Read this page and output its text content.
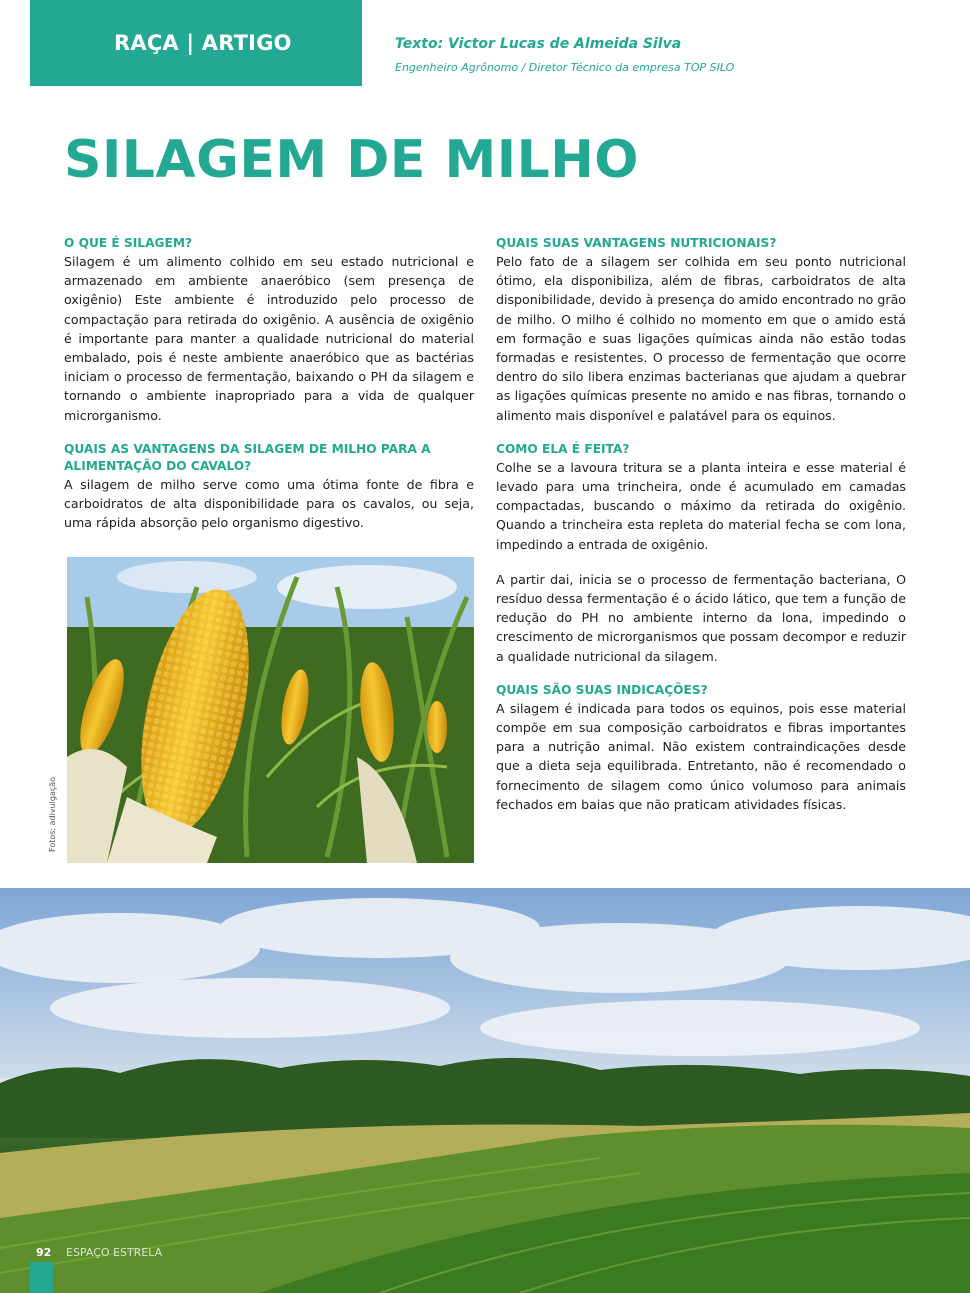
RAÇA | ARTIGO	Texto: Victor Lucas de Almeida Silva
Engenheiro Agrônomo / Diretor Técnico da empresa TOP SILO
SILAGEM DE MILHO
O QUE É SILAGEM?

Silagem é um alimento colhido em seu estado nutricional e armazenado em ambiente anaeróbico (sem presença de oxigênio) Este ambiente é introduzido pelo processo de compactação para retirada do oxigênio. A ausência de oxigênio é importante para manter a qualidade nutricional do material embalado, pois é neste ambiente anaeróbico que as bactérias iniciam o processo de fermentação, baixando o PH da silagem e tornando o ambiente inapropriado para a vida de qualquer microrganismo.

QUAIS AS VANTAGENS DA SILAGEM DE MILHO PARA A ALIMENTAÇÃO DO CAVALO?

A silagem de milho serve como uma ótima fonte de fibra e carboidratos de alta disponibilidade para os cavalos, ou seja, uma rápida absorção pelo organismo digestivo.

QUAIS SUAS VANTAGENS NUTRICIONAIS?

Pelo fato de a silagem ser colhida em seu ponto nutricional ótimo, ela disponibiliza, além de fibras, carboidratos de alta disponibilidade, devido à presença do amido encontrado no grão de milho. O milho é colhido no momento em que o amido está em formação e suas ligações químicas ainda não estão todas formadas e resistentes. O processo de fermentação que ocorre dentro do silo libera enzimas bacterianas que ajudam a quebrar as ligações químicas presente no amido e nas fibras, tornando o alimento mais disponível e palatável para os equinos.

COMO ELA É FEITA?

Colhe se a lavoura tritura se a planta inteira e esse material é levado para uma trincheira, onde é acumulado em camadas compactadas, buscando o máximo da retirada do oxigênio. Quando a trincheira esta repleta do material fecha se com lona, impedindo a entrada de oxigênio.

A partir dai, inicia se o processo de fermentação bacteriana, O resíduo dessa fermentação é o ácido lático, que tem a função de redução do PH no ambiente interno da lona, impedindo o crescimento de microrganismos que possam decompor e reduzir a qualidade nutricional da silagem.

QUAIS SÃO SUAS INDICAÇÕES?

A silagem é indicada para todos os equinos, pois esse material compõe em sua composição carboidratos e fibras importantes para a nutrição animal. Não existem contraindicações desde que a dieta seja equilibrada. Entretanto, não é recomendado o fornecimento de silagem como único volumoso para animais fechados em baias que não praticam atividades físicas.

Fotos: adivulgação
92 ESPAÇO ESTRELA
